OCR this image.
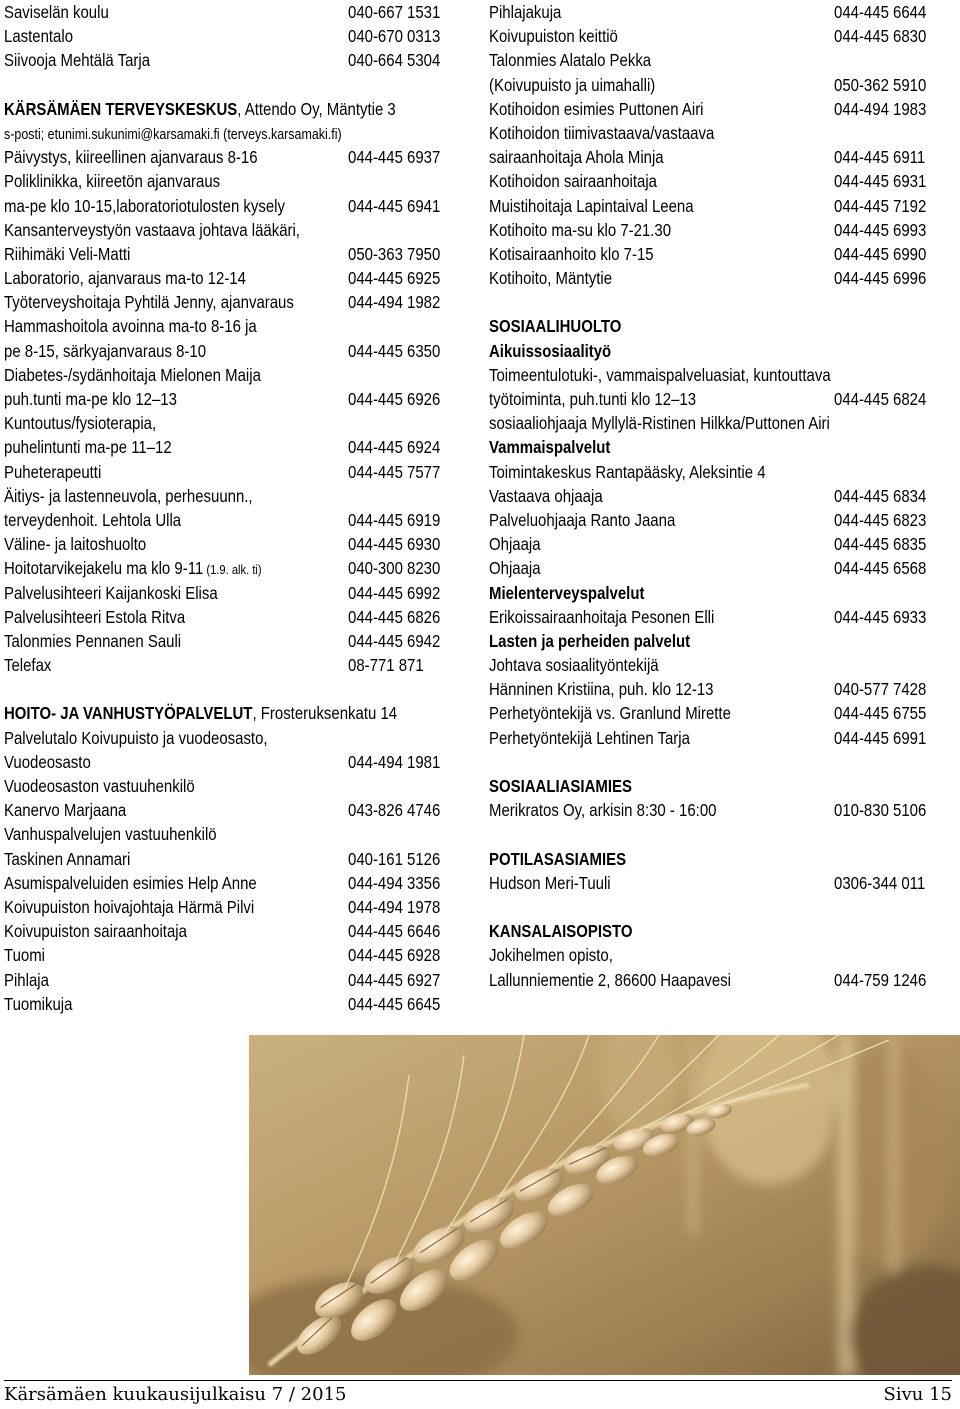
Saviselän koulu	040-667 1531
Lastentalo	040-670 0313
Siivooja Mehtälä Tarja	040-664 5304
KÄRSÄMÄEN TERVEYSKESKUS, Attendo Oy, Mäntytie 3
s-posti; etunimi.sukunimi@karsamaki.fi (terveys.karsamaki.fi)
Päivystys, kiireellinen ajanvaraus 8-16	044-445 6937
Poliklinikka, kiireetön ajanvaraus
ma-pe klo 10-15,laboratoriotulosten kysely	044-445 6941
Kansanterveystyön vastaava johtava lääkäri,
Riihimäki Veli-Matti	050-363 7950
Laboratorio, ajanvaraus ma-to 12-14	044-445 6925
Työterveyshoitaja Pyhtilä Jenny, ajanvaraus	044-494 1982
Hammashoitola avoinna ma-to 8-16 ja
pe 8-15, särkyajanvaraus 8-10	044-445 6350
Diabetes-/sydänhoitaja Mielonen Maija
puh.tunti ma-pe klo 12–13	044-445 6926
Kuntoutus/fysioterapia,
puhelintunti ma-pe 11–12	044-445 6924
Puheterapeutti	044-445 7577
Äitiys- ja lastenneuvola, perhesuunn.,
terveydenhoit. Lehtola Ulla	044-445 6919
Väline- ja laitoshuolto	044-445 6930
Hoitotarvikejakelu ma klo 9-11 (1.9. alk. ti)	040-300 8230
Palvelusihteeri Kaijankoski Elisa	044-445 6992
Palvelusihteeri Estola Ritva	044-445 6826
Talonmies Pennanen Sauli	044-445 6942
Telefax	08-771 871
HOITO- JA VANHUSTYÖPALVELUT, Frosteruksenkatu 14
Palvelutalo Koivupuisto ja vuodeosasto,
Vuodeosasto	044-494 1981
Vuodeosaston vastuuhenkilö
Kanervo Marjaana	043-826 4746
Vanhuspalvelujen vastuuhenkilö
Taskinen Annamari	040-161 5126
Asumispalveluiden esimies Help Anne	044-494 3356
Koivupuiston hoivajohtaja Härmä Pilvi	044-494 1978
Koivupuiston sairaanhoitaja	044-445 6646
Tuomi	044-445 6928
Pihlaja	044-445 6927
Tuomikuja	044-445 6645
Pihlajakuja	044-445 6644
Koivupuiston keittiö	044-445 6830
Talonmies Alatalo Pekka
(Koivupuisto ja uimahalli)	050-362 5910
Kotihoidon esimies Puttonen Airi	044-494 1983
Kotihoidon tiimivastaava/vastaava
sairaanhoitaja Ahola Minja	044-445 6911
Kotihoidon sairaanhoitaja	044-445 6931
Muistihoitaja Lapintaival Leena	044-445 7192
Kotihoito ma-su klo 7-21.30	044-445 6993
Kotisairaanhoito klo 7-15	044-445 6990
Kotihoito, Mäntytie	044-445 6996
SOSIAALIHUOLTO
Aikuissosiaalityö
Toimeentulotuki-, vammaispalveluasiat, kuntouttava
työtoiminta, puh.tunti klo 12–13	044-445 6824
sosiaaliohjaaja Myllylä-Ristinen Hilkka/Puttonen Airi
Vammaispalvelut
Toimintakeskus Rantapääsky, Aleksintie 4
Vastaava ohjaaja	044-445 6834
Palveluohjaaja Ranto Jaana	044-445 6823
Ohjaaja	044-445 6835
Ohjaaja	044-445 6568
Mielenterveyspalvelut
Erikoissairaanhoitaja Pesonen Elli	044-445 6933
Lasten ja perheiden palvelut
Johtava sosiaalityöntekijä
Hänninen Kristiina, puh. klo 12-13	040-577 7428
Perhetyöntekijä vs. Granlund Mirette	044-445 6755
Perhetyöntekijä Lehtinen Tarja	044-445 6991
SOSIAALIASIAMIES
Merikratos Oy, arkisin 8:30 - 16:00	010-830 5106
POTILASASIAMIES
Hudson Meri-Tuuli	0306-344 011
KANSALAISOPISTO
Jokihelmen opisto,
Lallunniementie 2, 86600 Haapavesi	044-759 1246
Kärsämäen kuukausijulkaisu 7 / 2015	Sivu 15
